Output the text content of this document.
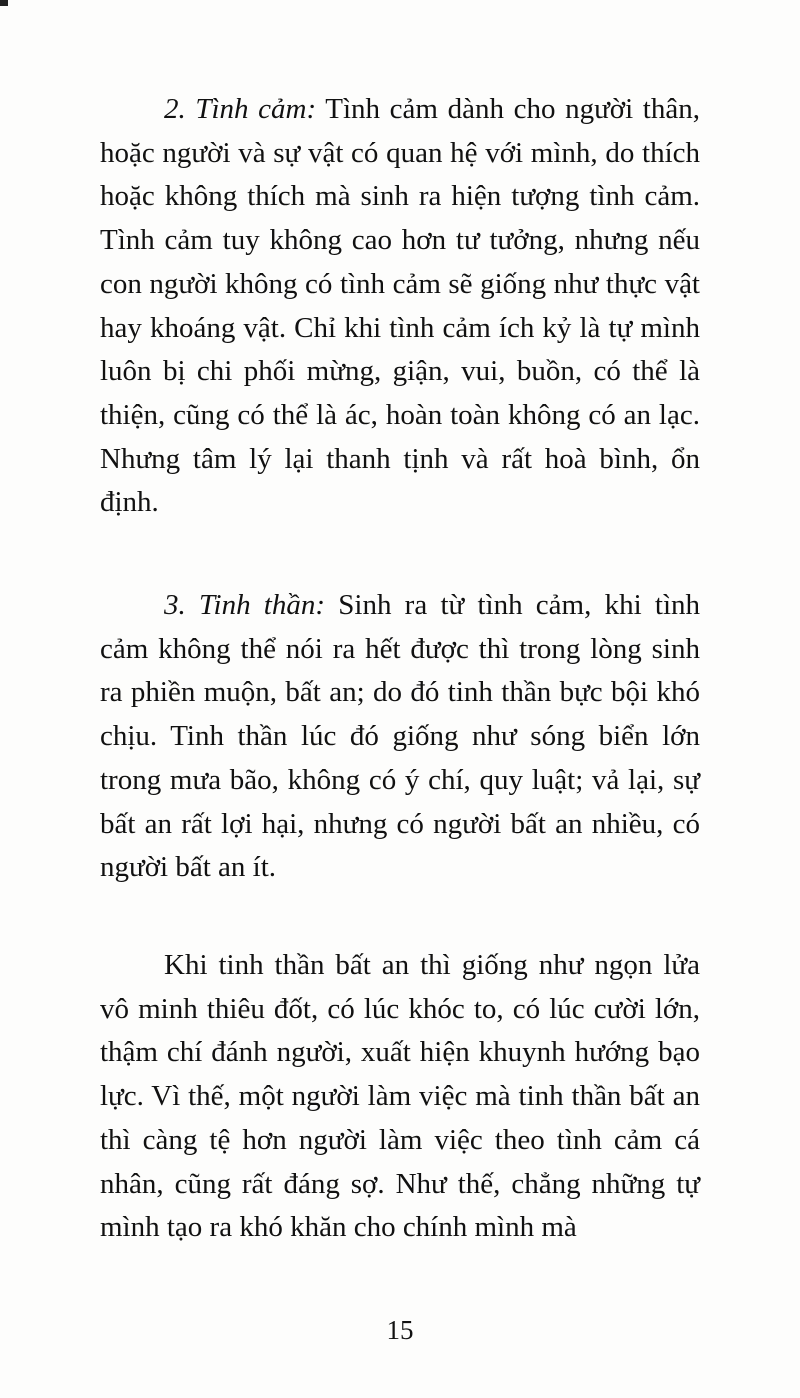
2. Tình cảm: Tình cảm dành cho người thân, hoặc người và sự vật có quan hệ với mình, do thích hoặc không thích mà sinh ra hiện tượng tình cảm. Tình cảm tuy không cao hơn tư tưởng, nhưng nếu con người không có tình cảm sẽ giống như thực vật hay khoáng vật. Chỉ khi tình cảm ích kỷ là tự mình luôn bị chi phối mừng, giận, vui, buồn, có thể là thiện, cũng có thể là ác, hoàn toàn không có an lạc. Nhưng tâm lý lại thanh tịnh và rất hoà bình, ổn định.

3. Tinh thần: Sinh ra từ tình cảm, khi tình cảm không thể nói ra hết được thì trong lòng sinh ra phiền muộn, bất an; do đó tinh thần bực bội khó chịu. Tinh thần lúc đó giống như sóng biển lớn trong mưa bão, không có ý chí, quy luật; vả lại, sự bất an rất lợi hại, nhưng có người bất an nhiều, có người bất an ít.

Khi tinh thần bất an thì giống như ngọn lửa vô minh thiêu đốt, có lúc khóc to, có lúc cười lớn, thậm chí đánh người, xuất hiện khuynh hướng bạo lực. Vì thế, một người làm việc mà tinh thần bất an thì càng tệ hơn người làm việc theo tình cảm cá nhân, cũng rất đáng sợ. Như thế, chẳng những tự mình tạo ra khó khăn cho chính mình mà

15
